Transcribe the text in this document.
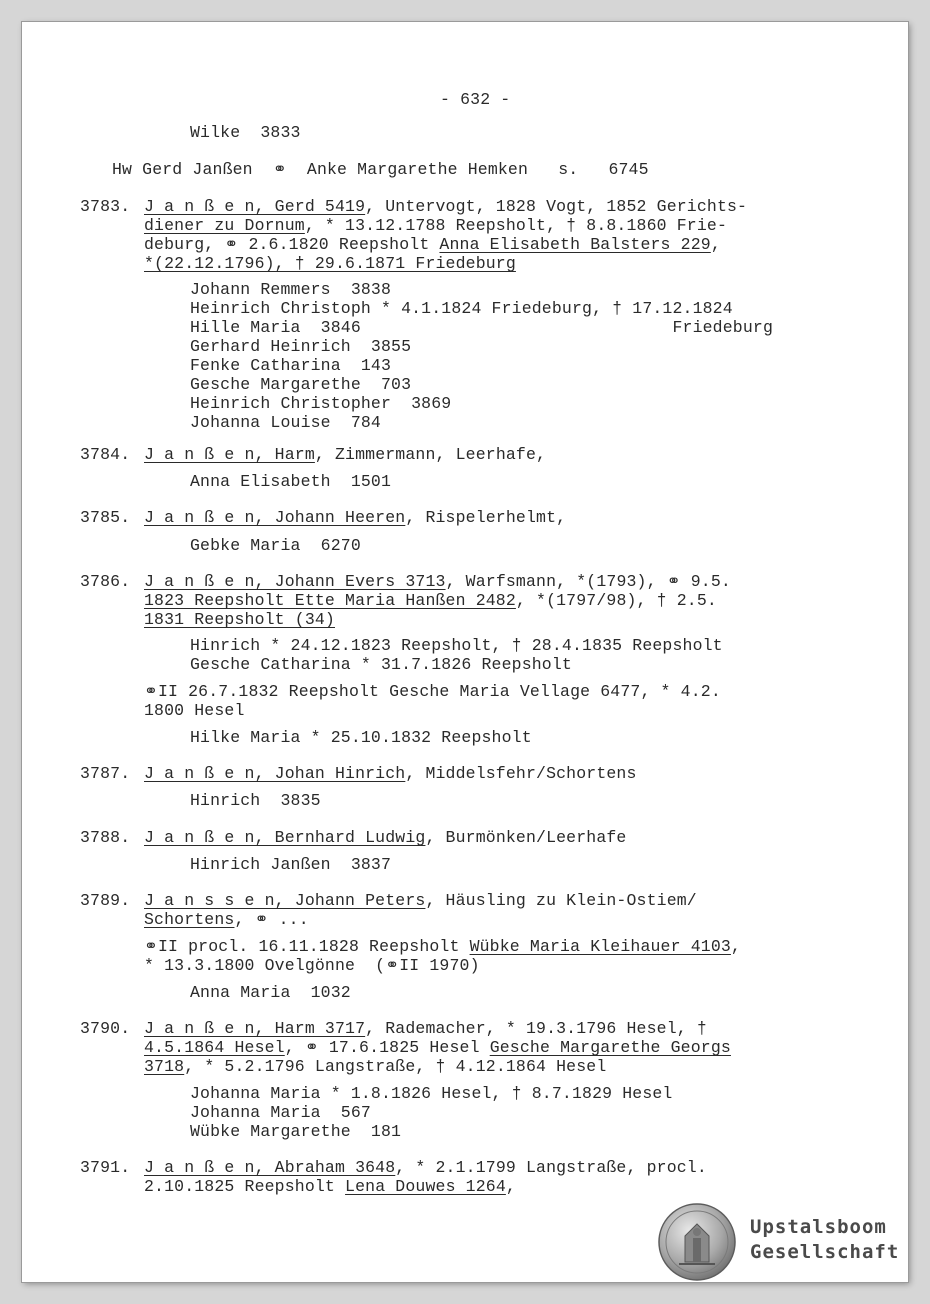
- 632 -
Wilke  3833
Hw Gerd Janßen  ⚭  Anke Margarethe Hemken   s.   6745
3783. J a n ß e n, Gerd 5419, Untervogt, 1828 Vogt, 1852 Gerichts-
diener zu Dornum, * 13.12.1788 Reepsholt, † 8.8.1860 Frie-
deburg, ⚭ 2.6.1820 Reepsholt Anna Elisabeth Balsters 229,
*(22.12.1796), † 29.6.1871 Friedeburg
Johann Remmers  3838
Heinrich Christoph * 4.1.1824 Friedeburg, † 17.12.1824
Hille Maria  3846                               Friedeburg
Gerhard Heinrich  3855
Fenke Catharina  143
Gesche Margarethe  703
Heinrich Christopher  3869
Johanna Louise  784
3784. J a n ß e n, Harm, Zimmermann, Leerhafe,
Anna Elisabeth  1501
3785. J a n ß e n, Johann Heeren, Rispelerhelmt,
Gebke Maria  6270
3786. J a n ß e n, Johann Evers 3713, Warfsmann, *(1793), ⚭ 9.5.
1823 Reepsholt Ette Maria Hanßen 2482, *(1797/98), † 2.5.
1831 Reepsholt (34)
Hinrich * 24.12.1823 Reepsholt, † 28.4.1835 Reepsholt
Gesche Catharina * 31.7.1826 Reepsholt
⚭II 26.7.1832 Reepsholt Gesche Maria Vellage 6477, * 4.2.
1800 Hesel
Hilke Maria * 25.10.1832 Reepsholt
3787. J a n ß e n, Johan Hinrich, Middelsfehr/Schortens
Hinrich  3835
3788. J a n ß e n, Bernhard Ludwig, Burmönken/Leerhafe
Hinrich Janßen  3837
3789. J a n s s e n, Johann Peters, Häusling zu Klein-Ostiem/
Schortens, ⚭ ...
⚭II procl. 16.11.1828 Reepsholt Wübke Maria Kleihauer 4103,
* 13.3.1800 Ovelgönne  (⚭II 1970)
Anna Maria  1032
3790. J a n ß e n, Harm 3717, Rademacher, * 19.3.1796 Hesel, †
4.5.1864 Hesel, ⚭ 17.6.1825 Hesel Gesche Margarethe Georgs
3718, * 5.2.1796 Langstraße, † 4.12.1864 Hesel
Johanna Maria * 1.8.1826 Hesel, † 8.7.1829 Hesel
Johanna Maria  567
Wübke Margarethe  181
3791. J a n ß e n, Abraham 3648, * 2.1.1799 Langstraße, procl.
2.10.1825 Reepsholt Lena Douwes 1264,
Upstalsboom
Gesellschaft
